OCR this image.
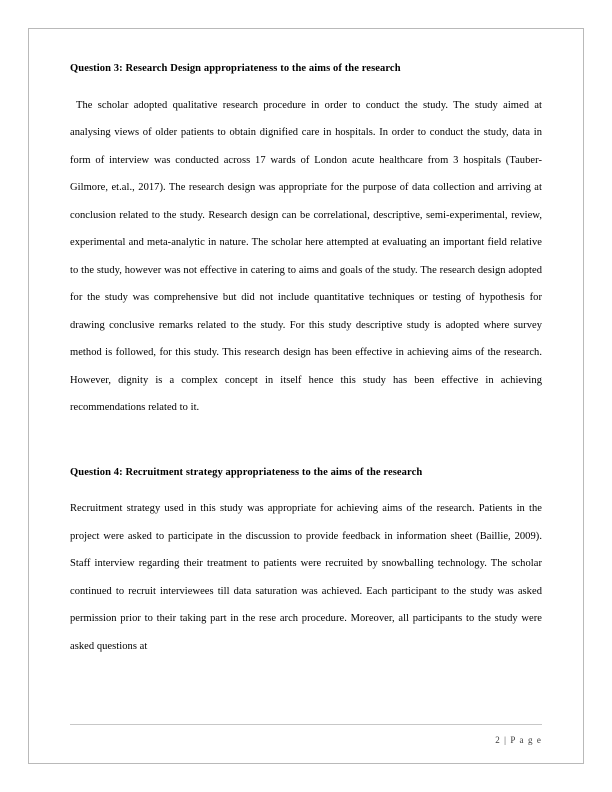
Question 3: Research Design appropriateness to the aims of the research

The scholar adopted qualitative research procedure in order to conduct the study. The study aimed at analysing views of older patients to obtain dignified care in hospitals. In order to conduct the study, data in form of interview was conducted across 17 wards of London acute healthcare from 3 hospitals (Tauber-Gilmore, et.al., 2017). The research design was appropriate for the purpose of data collection and arriving at conclusion related to the study. Research design can be correlational, descriptive, semi-experimental, review, experimental and meta-analytic in nature. The scholar here attempted at evaluating an important field relative to the study, however was not effective in catering to aims and goals of the study. The research design adopted for the study was comprehensive but did not include quantitative techniques or testing of hypothesis for drawing conclusive remarks related to the study. For this study descriptive study is adopted where survey method is followed, for this study. This research design has been effective in achieving aims of the research. However, dignity is a complex concept in itself hence this study has been effective in achieving recommendations related to it.

Question 4: Recruitment strategy appropriateness to the aims of the research

Recruitment strategy used in this study was appropriate for achieving aims of the research. Patients in the project were asked to participate in the discussion to provide feedback in information sheet (Baillie, 2009). Staff interview regarding their treatment to patients were recruited by snowballing technology. The scholar continued to recruit interviewees till data saturation was achieved. Each participant to the study was asked permission prior to their taking part in the rese arch procedure. Moreover, all participants to the study were asked questions at

2 | P a g e
